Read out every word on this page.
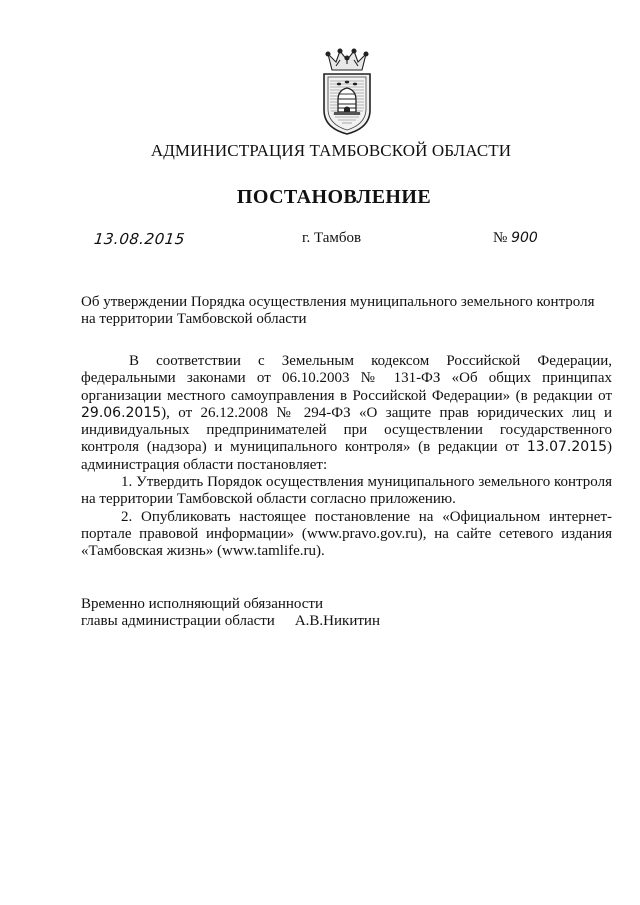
АДМИНИСТРАЦИЯ ТАМБОВСКОЙ ОБЛАСТИ
ПОСТАНОВЛЕНИЕ
13.08.2015	г. Тамбов	№ 900
Об утверждении Порядка осуществления муниципального земельного контроля
на территории Тамбовской области

В соответствии с Земельным кодексом Российской Федерации, федеральными законами от 06.10.2003 № 131-ФЗ «Об общих принципах организации местного самоуправления в Российской Федерации» (в редакции от 29.06.2015), от 26.12.2008 № 294-ФЗ «О защите прав юридических лиц и индивидуальных предпринимателей при осуществлении государственного контроля (надзора) и муниципального контроля» (в редакции от 13.07.2015) администрация области постановляет:

1. Утвердить Порядок осуществления муниципального земельного контроля на территории Тамбовской области согласно приложению.

2. Опубликовать настоящее постановление на «Официальном интернет-портале правовой информации» (www.pravo.gov.ru), на сайте сетевого издания «Тамбовская жизнь» (www.tamlife.ru).

Временно исполняющий обязанности
главы администрации области А.В.Никитин
